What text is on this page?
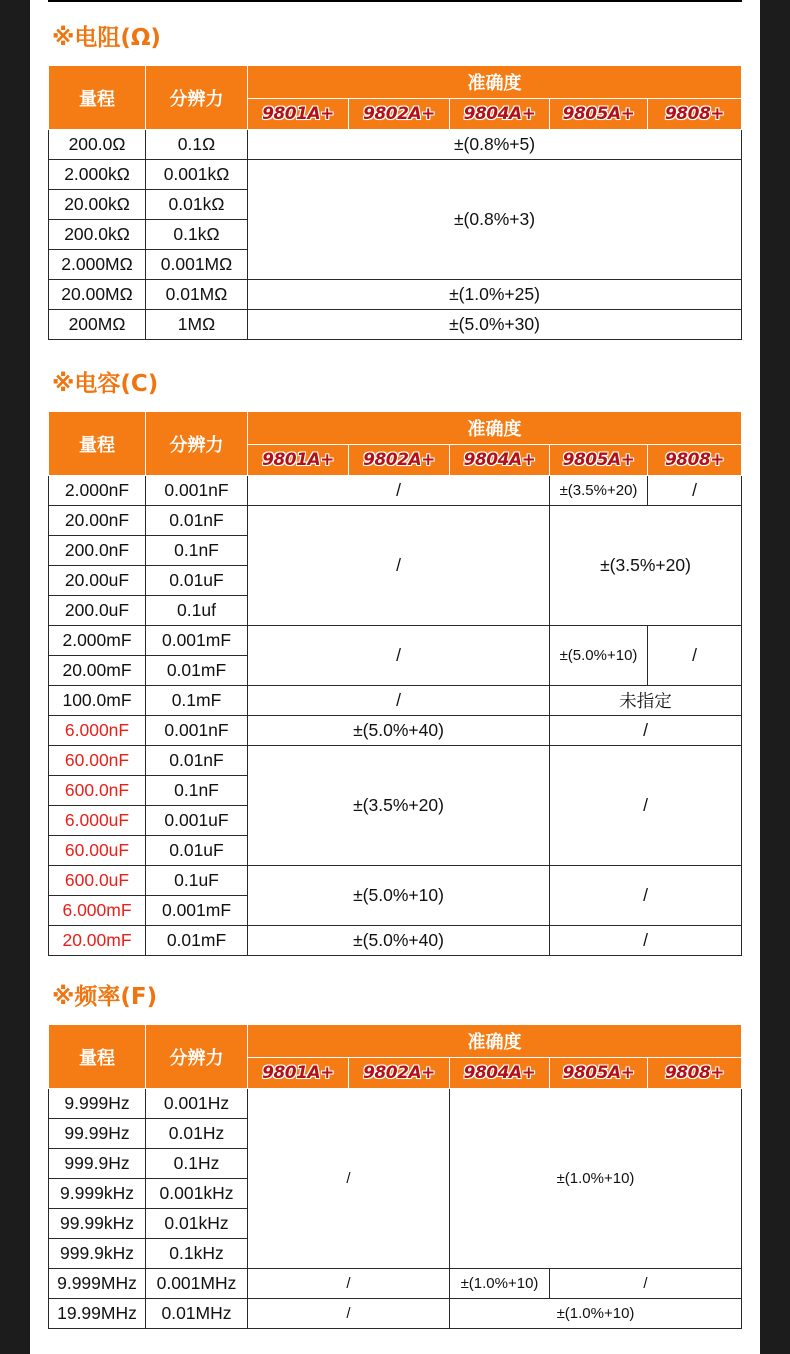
※电阻(Ω)
量程	分辨力	准确度				
		9801A+	9802A+	9804A+	9805A+	9808+
200.0Ω	0.1Ω	±(0.8%+5)				
2.000kΩ	0.001kΩ	±(0.8%+3)				
20.00kΩ	0.01kΩ					
200.0kΩ	0.1kΩ					
2.000MΩ	0.001MΩ					
20.00MΩ	0.01MΩ	±(1.0%+25)				
200MΩ	1MΩ	±(5.0%+30)				
※电容(C)
量程	分辨力	准确度				
		9801A+	9802A+	9804A+	9805A+	9808+
2.000nF	0.001nF	/			±(3.5%+20)	/
20.00nF	0.01nF	/			±(3.5%+20)	
200.0nF	0.1nF					
20.00uF	0.01uF					
200.0uF	0.1uf					
2.000mF	0.001mF	/			±(5.0%+10)	/
20.00mF	0.01mF					
100.0mF	0.1mF	/			未指定	
6.000nF	0.001nF	±(5.0%+40)			/	
60.00nF	0.01nF	±(3.5%+20)			/	
600.0nF	0.1nF					
6.000uF	0.001uF					
60.00uF	0.01uF					
600.0uF	0.1uF	±(5.0%+10)			/	
6.000mF	0.001mF					
20.00mF	0.01mF	±(5.0%+40)			/	
※频率(F)
量程	分辨力	准确度				
		9801A+	9802A+	9804A+	9805A+	9808+
9.999Hz	0.001Hz	/		±(1.0%+10)		
99.99Hz	0.01Hz					
999.9Hz	0.1Hz					
9.999kHz	0.001kHz					
99.99kHz	0.01kHz					
999.9kHz	0.1kHz					
9.999MHz	0.001MHz	/		±(1.0%+10)	/	
19.99MHz	0.01MHz	/		±(1.0%+10)		
